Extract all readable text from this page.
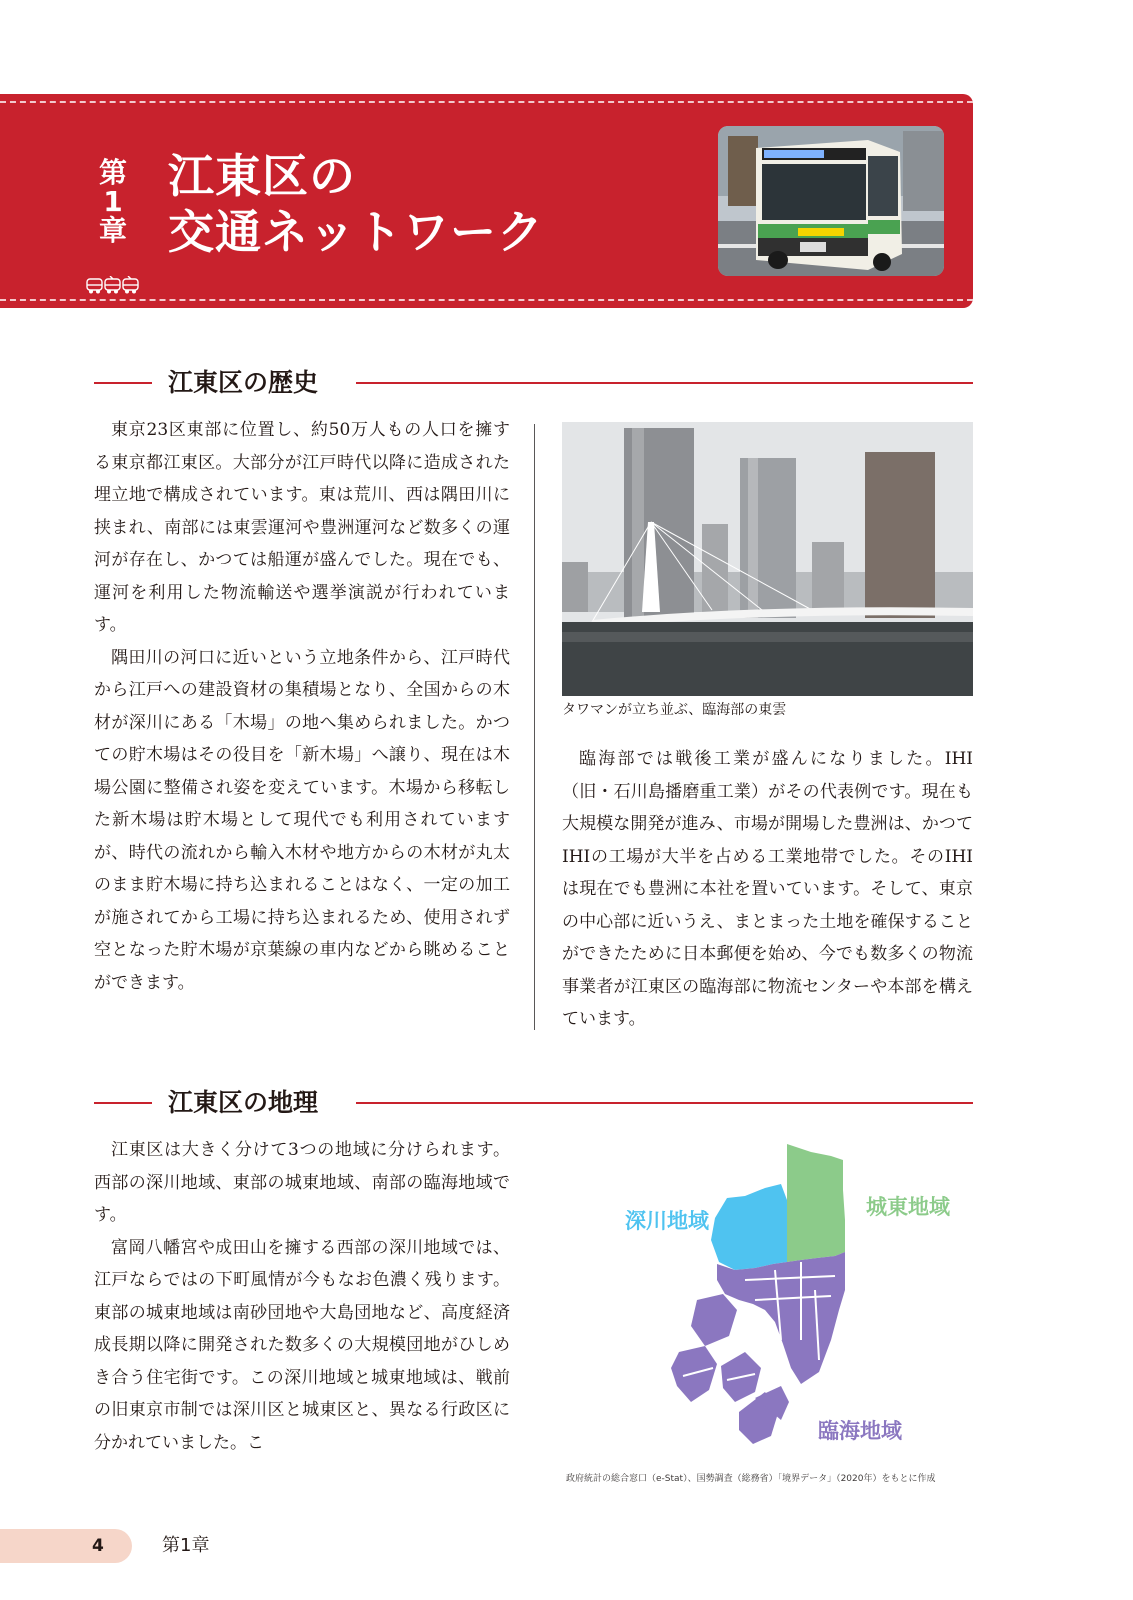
第1章
江東区の
交通ネットワーク
江東区の歴史

東京23区東部に位置し、約50万人もの人口を擁する東京都江東区。大部分が江戸時代以降に造成された埋立地で構成されています。東は荒川、西は隅田川に挟まれ、南部には東雲運河や豊洲運河など数多くの運河が存在し、かつては船運が盛んでした。現在でも、運河を利用した物流輸送や選挙演説が行われています。

隅田川の河口に近いという立地条件から、江戸時代から江戸への建設資材の集積場となり、全国からの木材が深川にある「木場」の地へ集められました。かつての貯木場はその役目を「新木場」へ譲り、現在は木場公園に整備され姿を変えています。木場から移転した新木場は貯木場として現代でも利用されていますが、時代の流れから輸入木材や地方からの木材が丸太のまま貯木場に持ち込まれることはなく、一定の加工が施されてから工場に持ち込まれるため、使用されず空となった貯木場が京葉線の車内などから眺めることができます。

タワマンが立ち並ぶ、臨海部の東雲

臨海部では戦後工業が盛んになりました。IHI（旧・石川島播磨重工業）がその代表例です。現在も大規模な開発が進み、市場が開場した豊洲は、かつてIHIの工場が大半を占める工業地帯でした。そのIHIは現在でも豊洲に本社を置いています。そして、東京の中心部に近いうえ、まとまった土地を確保することができたために日本郵便を始め、今でも数多くの物流事業者が江東区の臨海部に物流センターや本部を構えています。

江東区の地理

江東区は大きく分けて3つの地域に分けられます。西部の深川地域、東部の城東地域、南部の臨海地域です。

富岡八幡宮や成田山を擁する西部の深川地域では、江戸ならではの下町風情が今もなお色濃く残ります。東部の城東地域は南砂団地や大島団地など、高度経済成長期以降に開発された数多くの大規模団地がひしめき合う住宅街です。この深川地域と城東地域は、戦前の旧東京市制では深川区と城東区と、異なる行政区に分かれていました。こ

深川地域
城東地域
臨海地域
政府統計の総合窓口（e-Stat）、国勢調査（総務省）「境界データ」（2020年）をもとに作成
4	第1章
